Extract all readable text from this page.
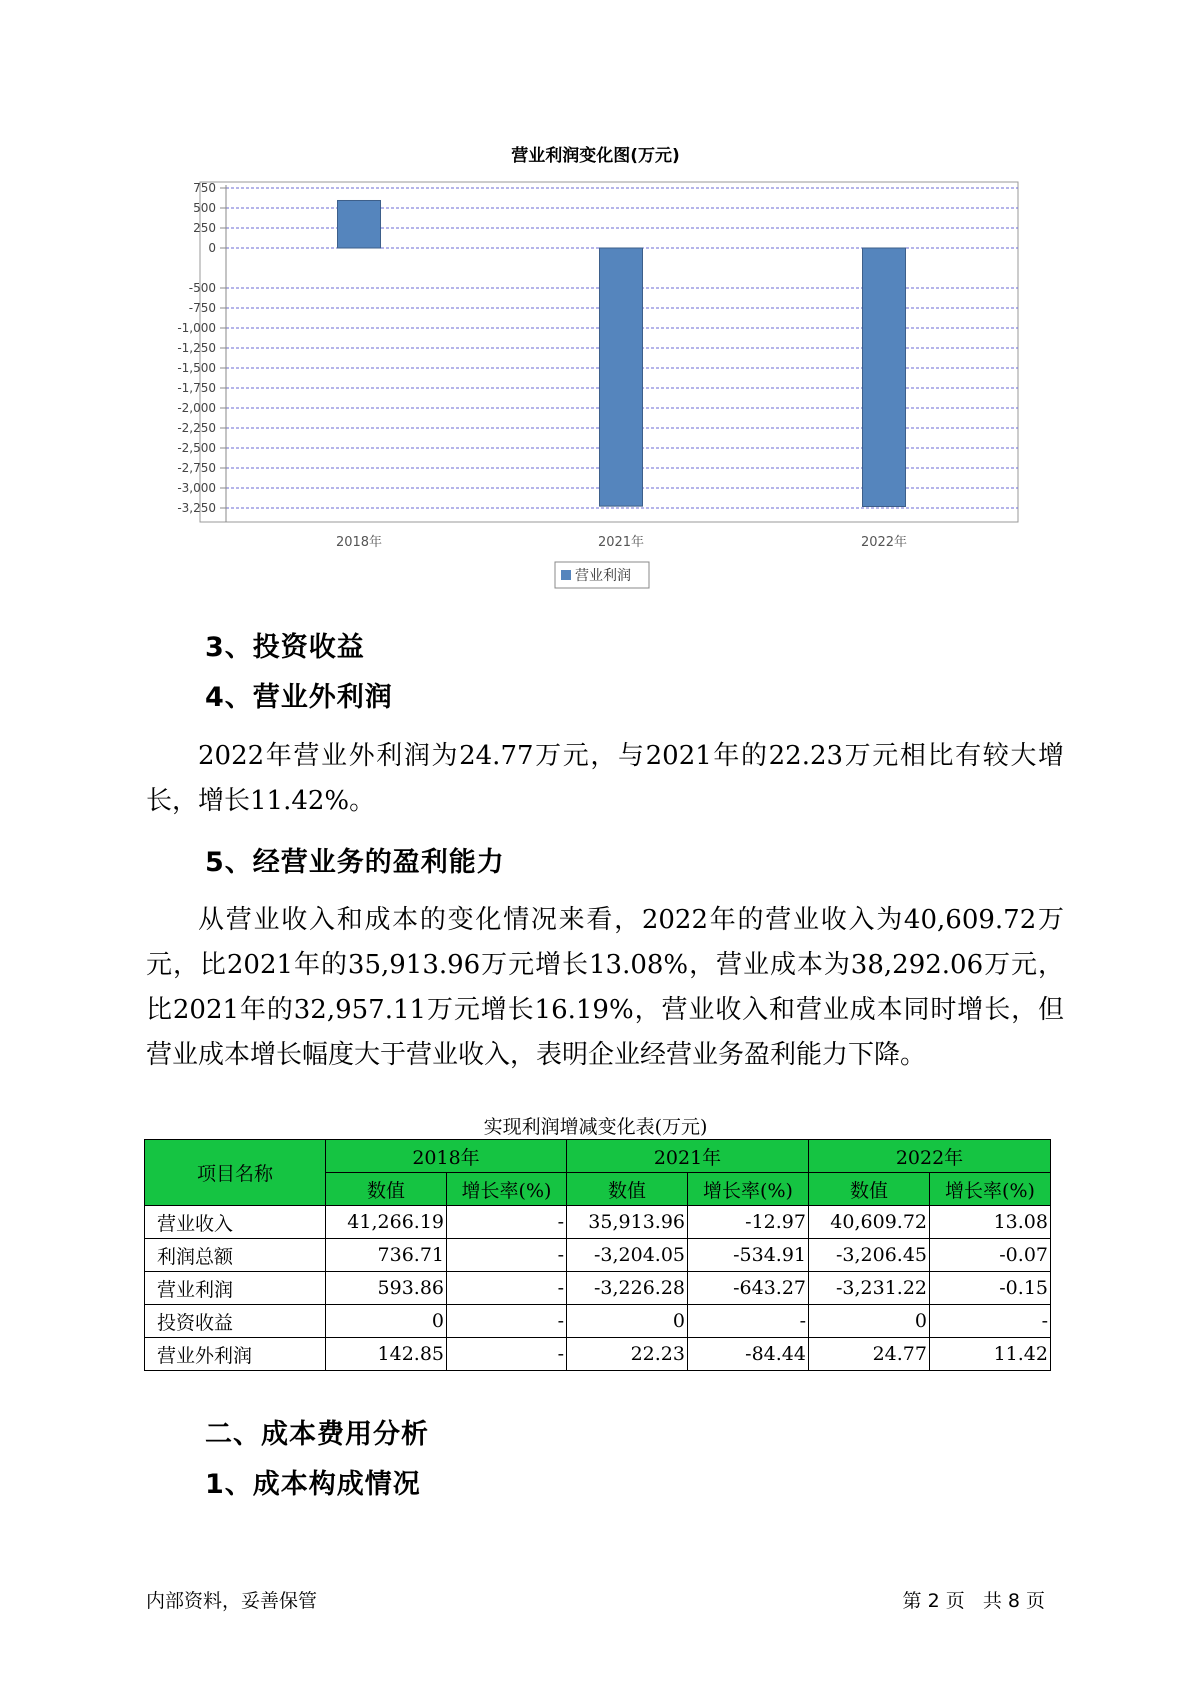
营业利润变化图(万元)
750
500
250
0
-500
-750
-1,000
-1,250
-1,500
-1,750
-2,000
-2,250
-2,500
-2,750
-3,000
-3,250
2018年	2021年	2022年
营业利润
3、投资收益
4、营业外利润
2022年营业外利润为24.77万元，与2021年的22.23万元相比有较大增长，增长11.42%。
5、经营业务的盈利能力
从营业收入和成本的变化情况来看，2022年的营业收入为40,609.72万元，比2021年的35,913.96万元增长13.08%，营业成本为38,292.06万元，比2021年的32,957.11万元增长16.19%，营业收入和营业成本同时增长，但营业成本增长幅度大于营业收入，表明企业经营业务盈利能力下降。
实现利润增减变化表(万元)
项目名称	2018年		2021年		2022年	
	数值	增长率(%)	数值	增长率(%)	数值	增长率(%)
营业收入	41,266.19	-	35,913.96	-12.97	40,609.72	13.08
利润总额	736.71	-	-3,204.05	-534.91	-3,206.45	-0.07
营业利润	593.86	-	-3,226.28	-643.27	-3,231.22	-0.15
投资收益	0	-	0	-	0	-
营业外利润	142.85	-	22.23	-84.44	24.77	11.42
二、成本费用分析
1、成本构成情况
内部资料，妥善保管	第 2 页   共 8 页
